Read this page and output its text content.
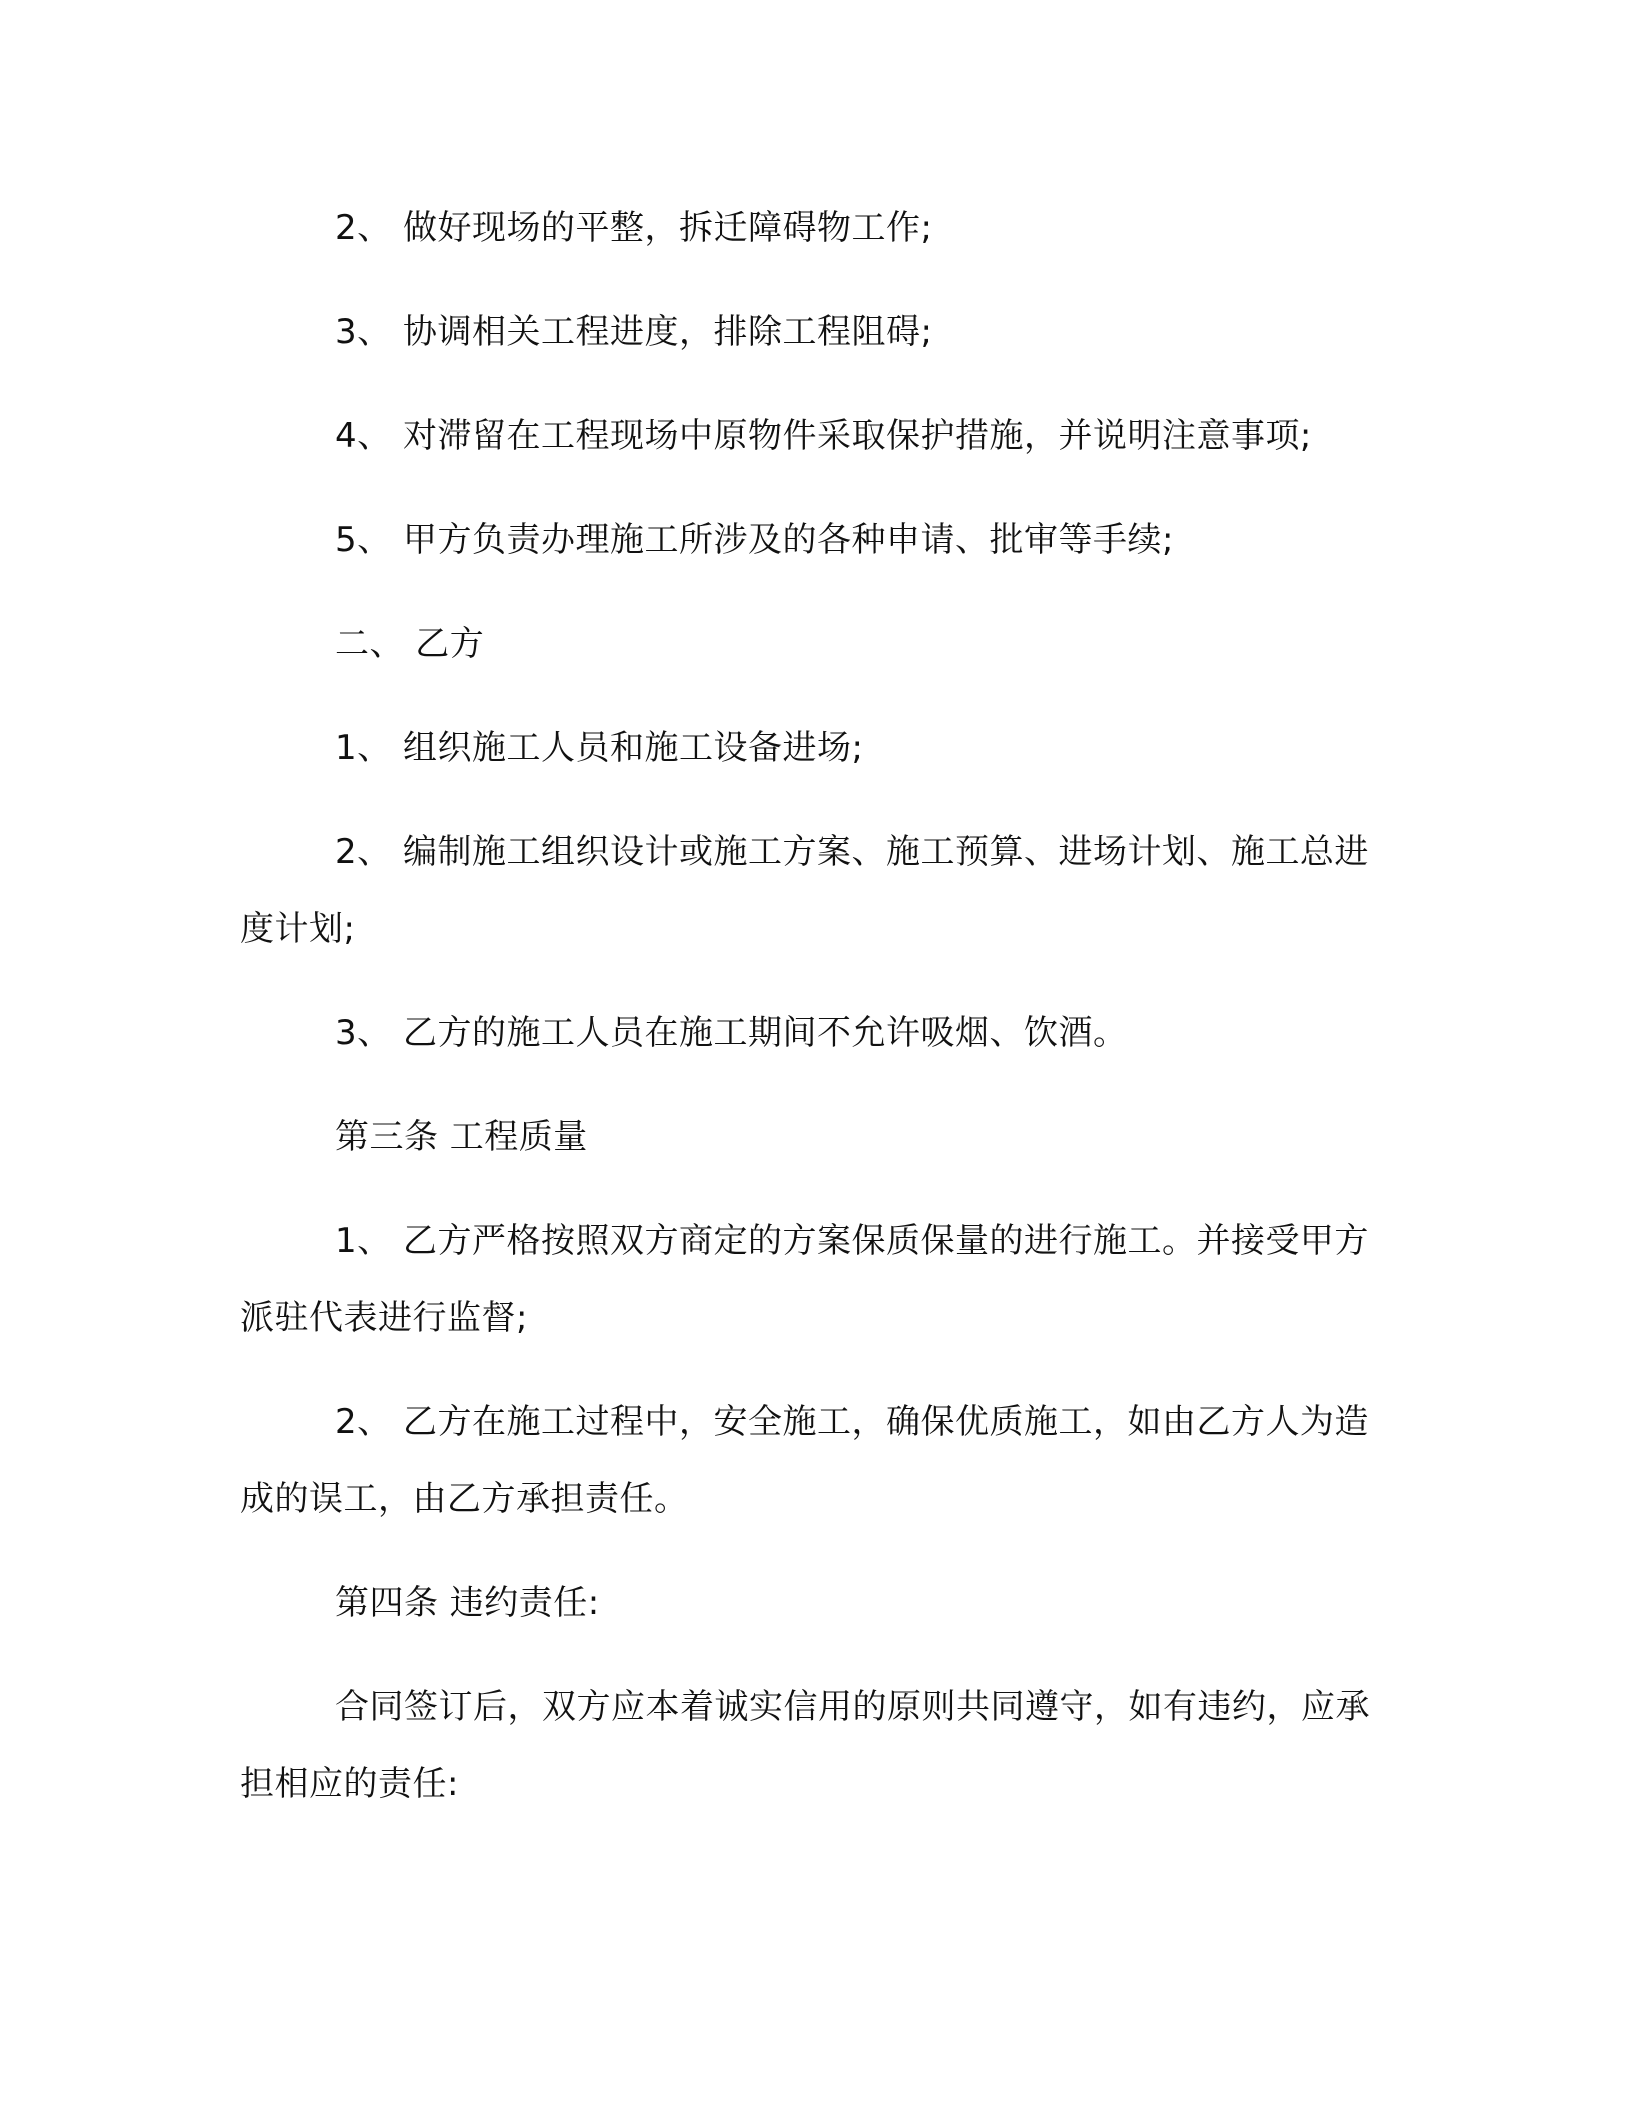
2、 做好现场的平整，拆迁障碍物工作;

3、 协调相关工程进度，排除工程阻碍;

4、 对滞留在工程现场中原物件采取保护措施，并说明注意事项;

5、 甲方负责办理施工所涉及的各种申请、批审等手续;

二、 乙方

1、 组织施工人员和施工设备进场;

2、 编制施工组织设计或施工方案、施工预算、进场计划、施工总进度计划;

3、 乙方的施工人员在施工期间不允许吸烟、饮酒。

第三条 工程质量

1、 乙方严格按照双方商定的方案保质保量的进行施工。并接受甲方派驻代表进行监督;

2、 乙方在施工过程中，安全施工，确保优质施工，如由乙方人为造成的误工，由乙方承担责任。

第四条 违约责任:

合同签订后，双方应本着诚实信用的原则共同遵守，如有违约，应承担相应的责任:
